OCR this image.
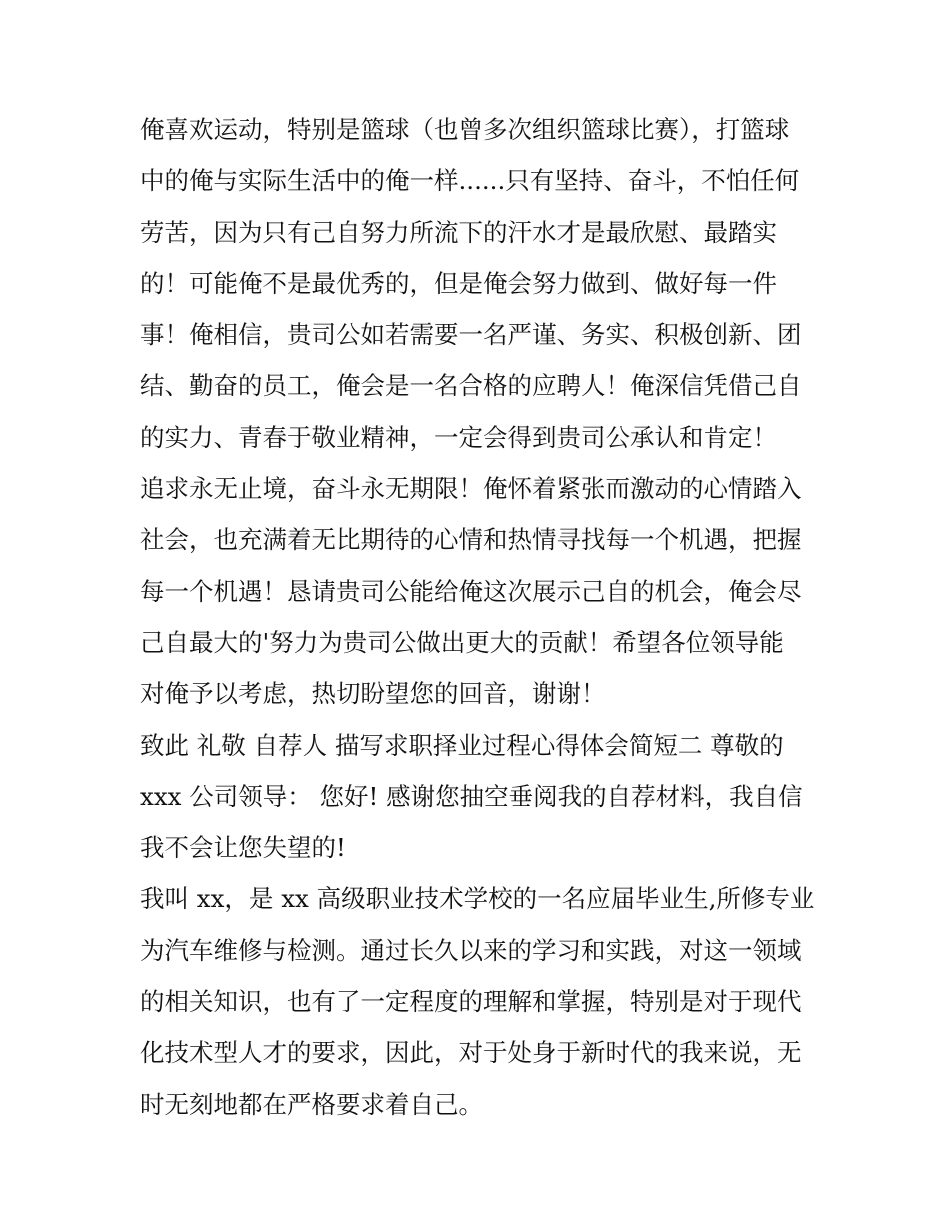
俺喜欢运动，特别是篮球（也曾多次组织篮球比赛），打篮球
中的俺与实际生活中的俺一样......只有坚持、奋斗，不怕任何
劳苦，因为只有己自努力所流下的汗水才是最欣慰、最踏实
的！可能俺不是最优秀的，但是俺会努力做到、做好每一件
事！俺相信，贵司公如若需要一名严谨、务实、积极创新、团
结、勤奋的员工，俺会是一名合格的应聘人！俺深信凭借己自
的实力、青春于敬业精神，一定会得到贵司公承认和肯定！
追求永无止境，奋斗永无期限！俺怀着紧张而激动的心情踏入
社会，也充满着无比期待的心情和热情寻找每一个机遇，把握
每一个机遇！恳请贵司公能给俺这次展示己自的机会，俺会尽
己自最大的'努力为贵司公做出更大的贡献！希望各位领导能
对俺予以考虑，热切盼望您的回音，谢谢！
致此 礼敬 自荐人 描写求职择业过程心得体会简短二 尊敬的
xxx 公司领导： 您好! 感谢您抽空垂阅我的自荐材料，我自信
我不会让您失望的!
我叫 xx，是 xx 高级职业技术学校的一名应届毕业生,所修专业
为汽车维修与检测。通过长久以来的学习和实践，对这一领域
的相关知识，也有了一定程度的理解和掌握，特别是对于现代
化技术型人才的要求，因此，对于处身于新时代的我来说，无
时无刻地都在严格要求着自己。
